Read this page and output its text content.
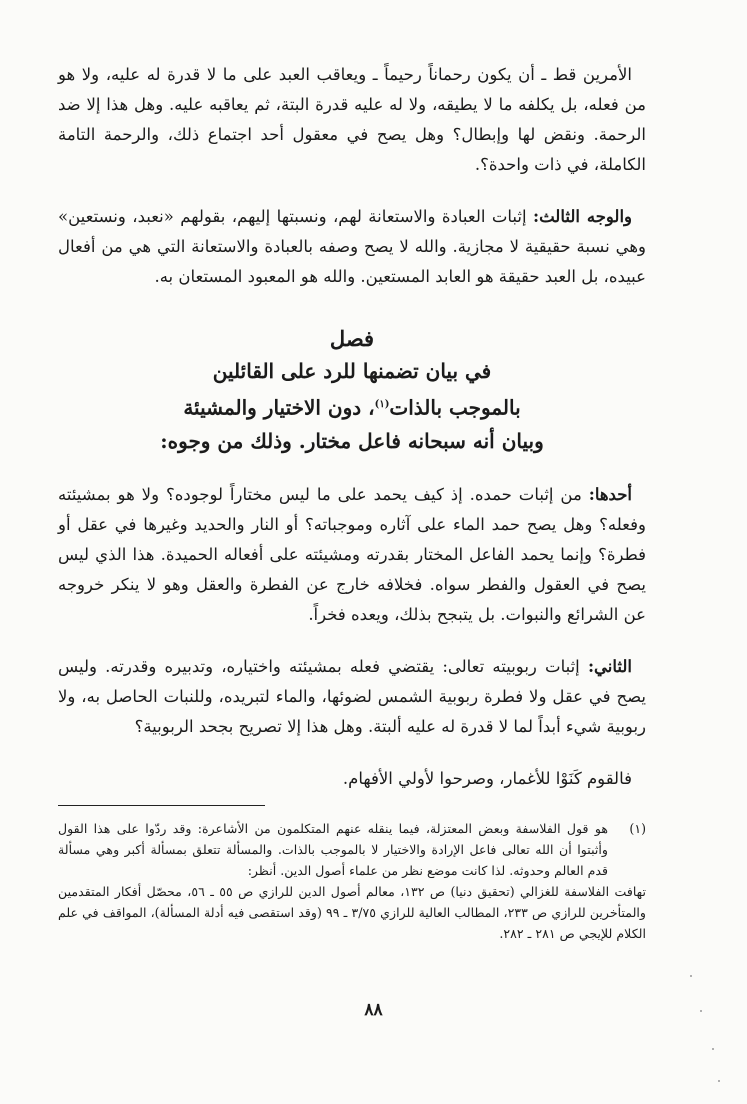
الأمرين قط ـ أن يكون رحماناً رحيماً ـ ويعاقب العبد على ما لا قدرة له عليه، ولا هو من فعله، بل يكلفه ما لا يطيقه، ولا له عليه قدرة البتة، ثم يعاقبه عليه. وهل هذا إلا ضد الرحمة. ونقض لها وإبطال؟ وهل يصح في معقول أحد اجتماع ذلك، والرحمة التامة الكاملة، في ذات واحدة؟.

والوجه الثالث: إثبات العبادة والاستعانة لهم، ونسبتها إليهم، بقولهم «نعبد، ونستعين» وهي نسبة حقيقية لا مجازية. والله لا يصح وصفه بالعبادة والاستعانة التي هي من أفعال عبيده، بل العبد حقيقة هو العابد المستعين. والله هو المعبود المستعان به.

فصل
في بيان تضمنها للرد على القائلين
بالموجب بالذات$^{(١)}$، دون الاختيار والمشيئة
وبيان أنه سبحانه فاعل مختار. وذلك من وجوه:

أحدها: من إثبات حمده. إذ كيف يحمد على ما ليس مختاراً لوجوده؟ ولا هو بمشيئته وفعله؟ وهل يصح حمد الماء على آثاره وموجباته؟ أو النار والحديد وغيرها في عقل أو فطرة؟ وإنما يحمد الفاعل المختار بقدرته ومشيئته على أفعاله الحميدة. هذا الذي ليس يصح في العقول والفطر سواه. فخلافه خارج عن الفطرة والعقل وهو لا ينكر خروجه عن الشرائع والنبوات. بل يتبجح بذلك، ويعده فخراً.

الثاني: إثبات ربوبيته تعالى: يقتضي فعله بمشيئته واختياره، وتدبيره وقدرته. وليس يصح في عقل ولا فطرة ربوبية الشمس لضوئها، والماء لتبريده، وللنبات الحاصل به، ولا ربوبية شيء أبداً لما لا قدرة له عليه ألبتة. وهل هذا إلا تصريح بجحد الربوبية؟

فالقوم كَنَوْا للأغمار، وصرحوا لأولي الأفهام.

(١)

هو قول الفلاسفة وبعض المعتزلة، فيما ينقله عنهم المتكلمون من الأشاعرة: وقد ردّوا على هذا القول وأثبتوا أن الله تعالى فاعل الإرادة والاختيار لا بالموجب بالذات. والمسألة تتعلق بمسألة أكبر وهي مسألة قدم العالم وحدوثه. لذا كانت موضع نظر من علماء أصول الدين. أنظر:

تهافت الفلاسفة للغزالي (تحقيق دنيا) ص ١٣٢، معالم أصول الدين للرازي ص ٥٥ ـ ٥٦، محصّل أفكار المتقدمين والمتأخرين للرازي ص ٢٣٣، المطالب العالية للرازي ٣/٧٥ ـ ٩٩ (وقد استقصى فيه أدلة المسألة)، المواقف في علم الكلام للإيجي ص ٢٨١ ـ ٢٨٢.

٨٨
